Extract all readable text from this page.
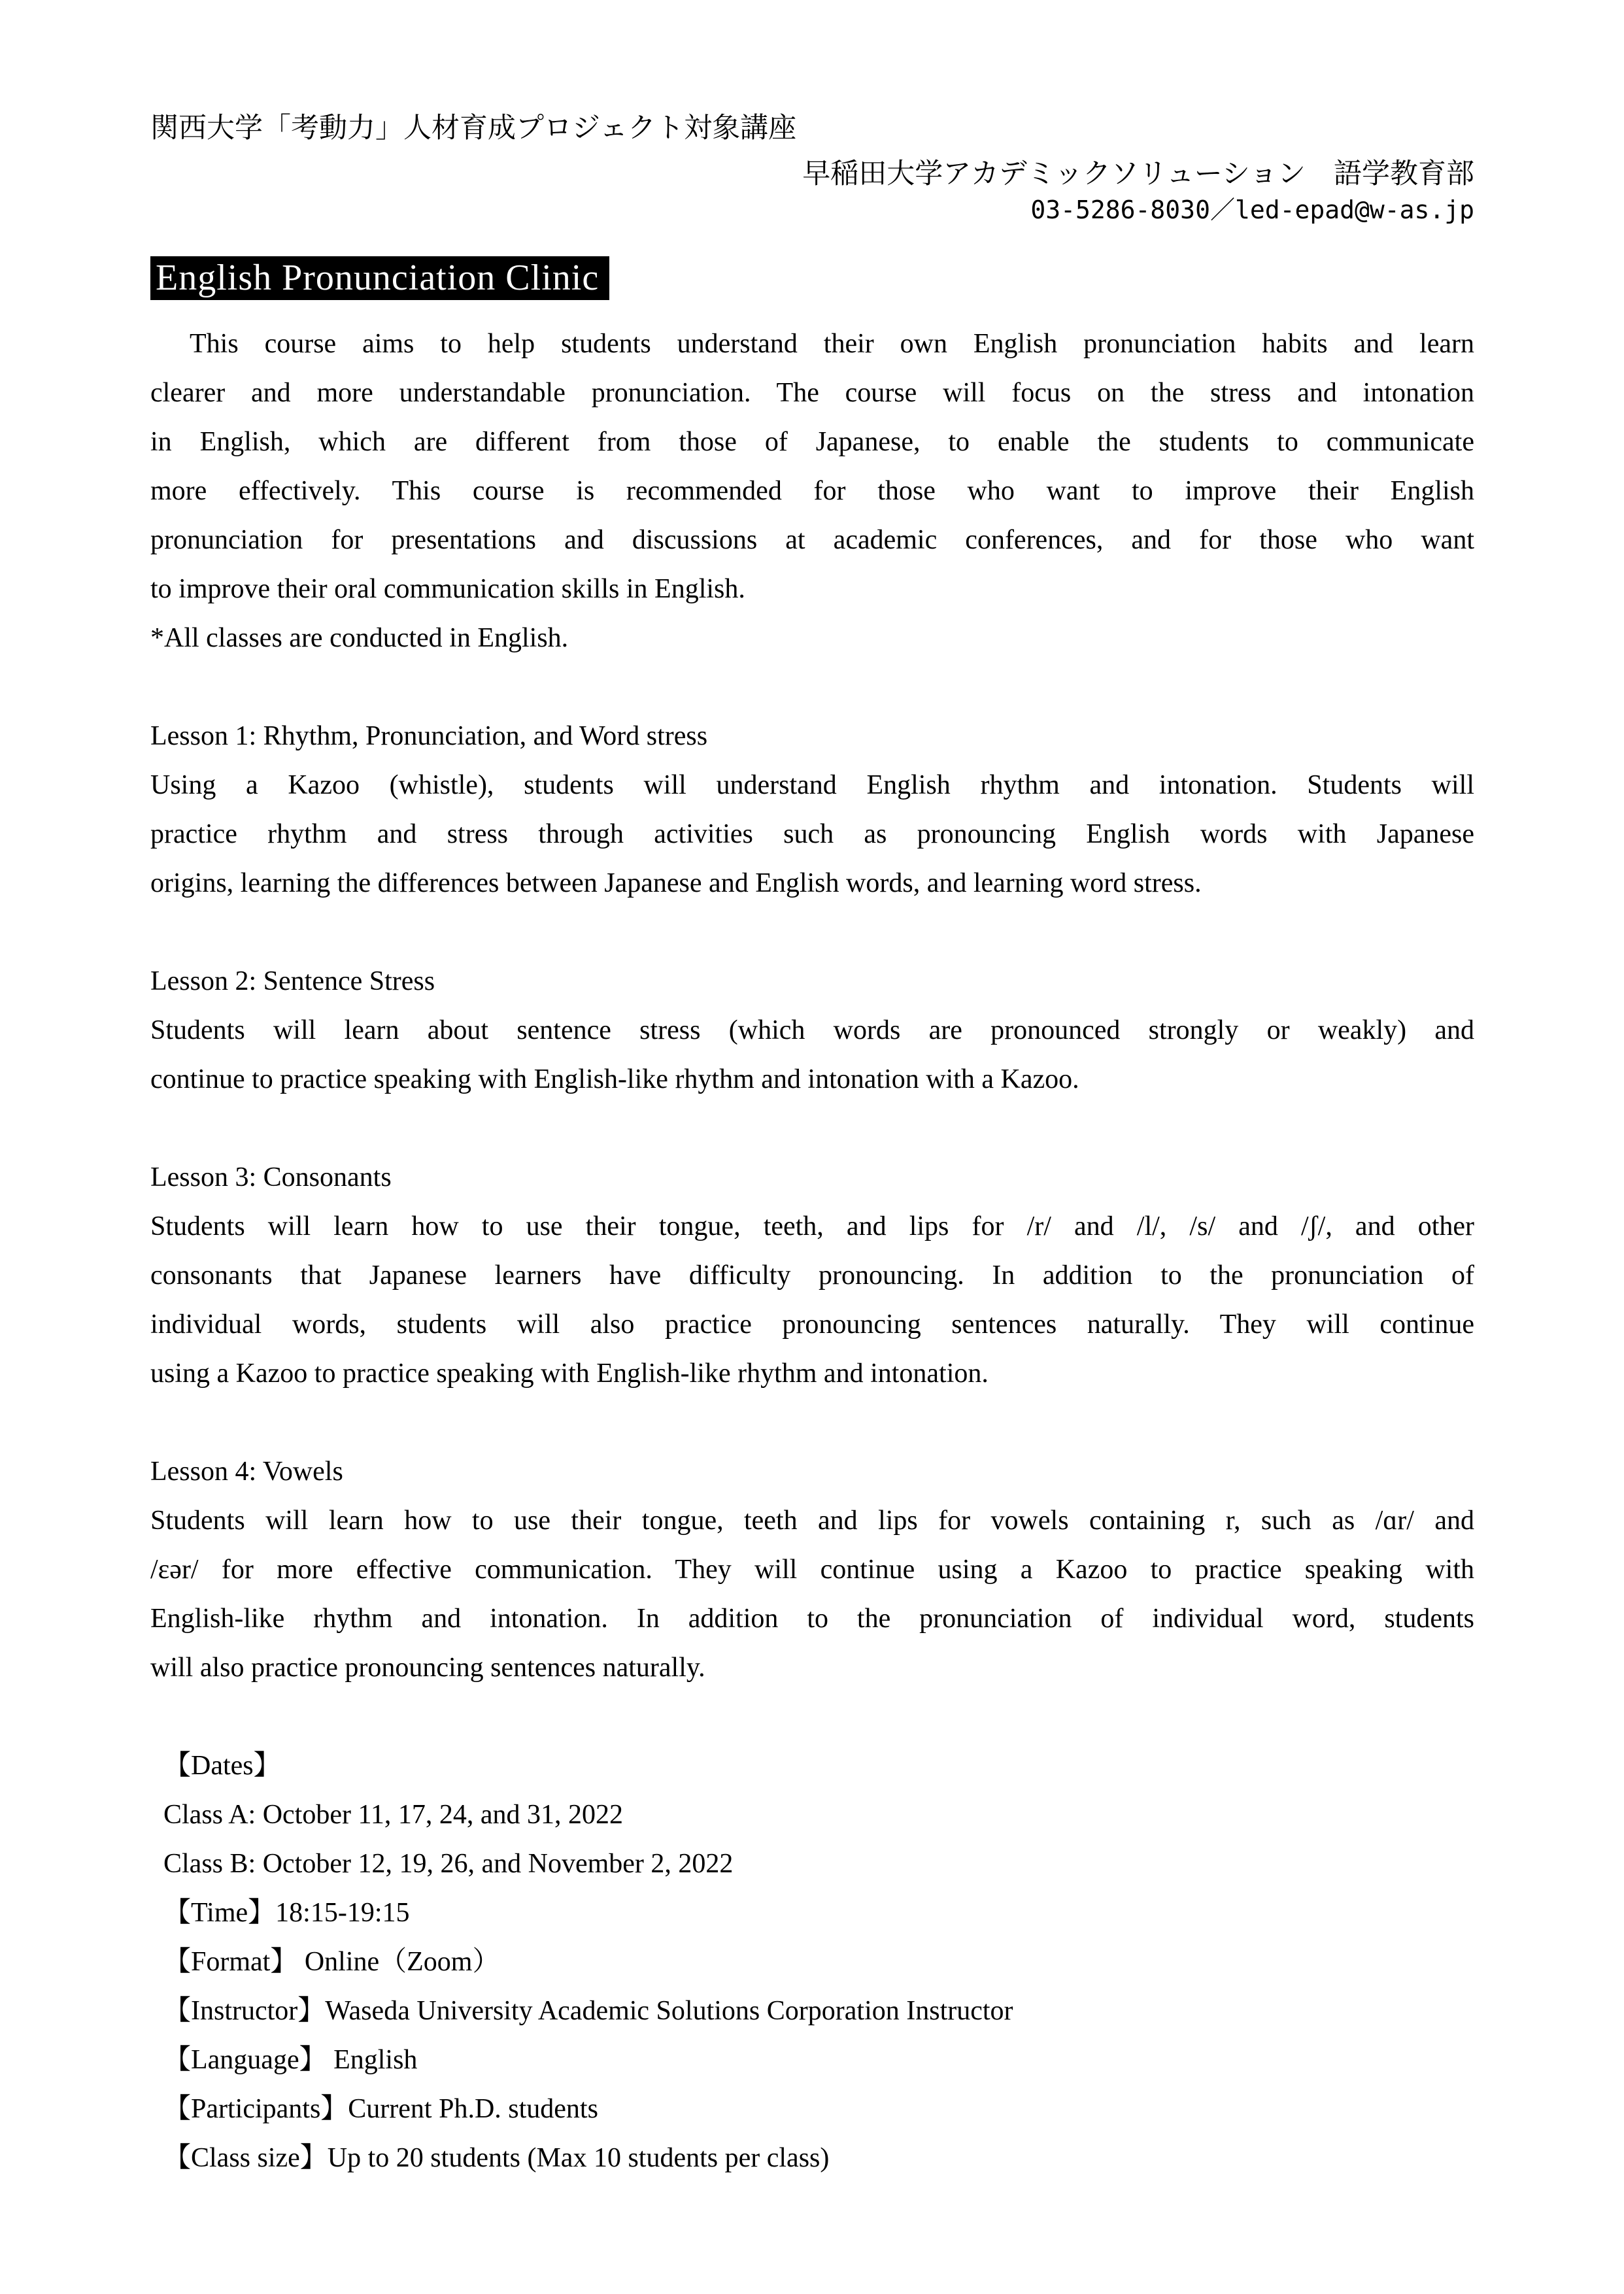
関西大学「考動力」人材育成プロジェクト対象講座
早稲田大学アカデミックソリューション　語学教育部
03-5286-8030／led-epad@w-as.jp
English Pronunciation Clinic
This course aims to help students understand their own English pronunciation habits and learn
clearer and more understandable pronunciation. The course will focus on the stress and intonation
in English, which are different from those of Japanese, to enable the students to communicate
more effectively. This course is recommended for those who want to improve their English
pronunciation for presentations and discussions at academic conferences, and for those who want
to improve their oral communication skills in English.
*All classes are conducted in English.
Lesson 1: Rhythm, Pronunciation, and Word stress
Using a Kazoo (whistle), students will understand English rhythm and intonation. Students will
practice rhythm and stress through activities such as pronouncing English words with Japanese
origins, learning the differences between Japanese and English words, and learning word stress.
Lesson 2: Sentence Stress
Students will learn about sentence stress (which words are pronounced strongly or weakly) and
continue to practice speaking with English-like rhythm and intonation with a Kazoo.
Lesson 3: Consonants
Students will learn how to use their tongue, teeth, and lips for /r/ and /l/, /s/ and /ʃ/, and other
consonants that Japanese learners have difficulty pronouncing. In addition to the pronunciation of
individual words, students will also practice pronouncing sentences naturally. They will continue
using a Kazoo to practice speaking with English-like rhythm and intonation.
Lesson 4: Vowels
Students will learn how to use their tongue, teeth and lips for vowels containing r, such as /ɑr/ and
/ɛər/ for more effective communication. They will continue using a Kazoo to practice speaking with
English-like rhythm and intonation. In addition to the pronunciation of individual word, students
will also practice pronouncing sentences naturally.
【Dates】
Class A: October 11, 17, 24, and 31, 2022
Class B: October 12, 19, 26, and November 2, 2022
【Time】18:15-19:15
【Format】 Online（Zoom）
【Instructor】Waseda University Academic Solutions Corporation Instructor
【Language】 English
【Participants】Current Ph.D. students
【Class size】Up to 20 students (Max 10 students per class)
